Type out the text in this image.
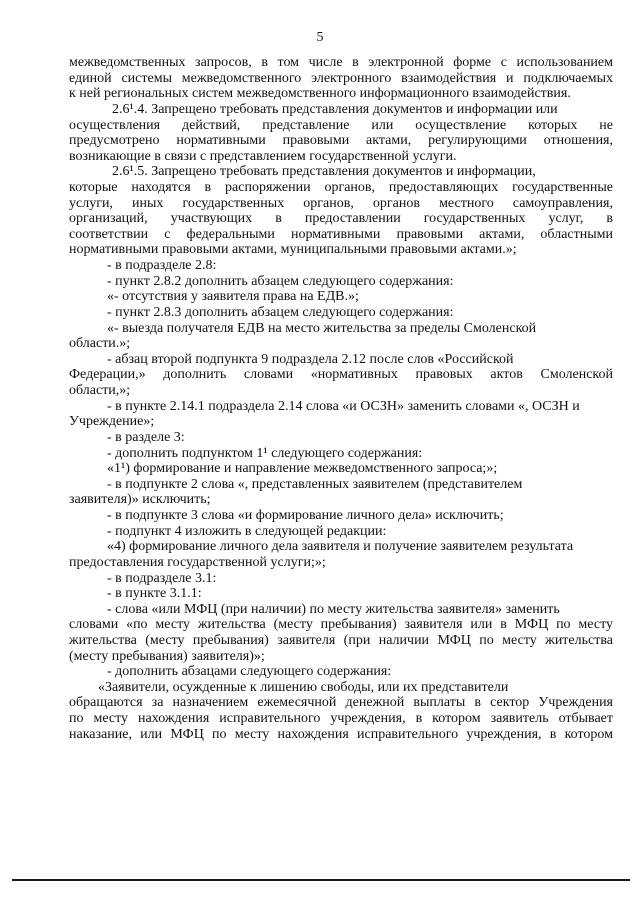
5
межведомственных запросов, в том числе в электронной форме с использованием
единой системы межведомственного электронного взаимодействия и подключаемых
к ней региональных систем межведомственного информационного взаимодействия.
2.6¹.4. Запрещено требовать представления документов и информации или
осуществления действий, представление или осуществление которых не
предусмотрено нормативными правовыми актами, регулирующими отношения,
возникающие в связи с представлением государственной услуги.
2.6¹.5. Запрещено требовать представления документов и информации,
которые находятся в распоряжении органов, предоставляющих государственные
услуги, иных государственных органов, органов местного самоуправления,
организаций, участвующих в предоставлении государственных услуг, в
соответствии с федеральными нормативными правовыми актами, областными
нормативными правовыми актами, муниципальными правовыми актами.»;
- в подразделе 2.8:
- пункт 2.8.2 дополнить абзацем следующего содержания:
«- отсутствия у заявителя права на ЕДВ.»;
- пункт 2.8.3 дополнить абзацем следующего содержания:
«- выезда получателя ЕДВ на место жительства за пределы Смоленской
области.»;
- абзац второй подпункта 9 подраздела 2.12 после слов «Российской
Федерации,» дополнить словами «нормативных правовых актов Смоленской
области,»;
- в пункте 2.14.1 подраздела 2.14 слова «и ОСЗН» заменить словами «, ОСЗН и
Учреждение»;
- в разделе 3:
- дополнить подпунктом 1¹ следующего содержания:
«1¹) формирование и направление межведомственного запроса;»;
- в подпункте 2 слова «, представленных заявителем (представителем
заявителя)» исключить;
- в подпункте 3 слова «и формирование личного дела» исключить;
- подпункт 4 изложить в следующей редакции:
«4) формирование личного дела заявителя и получение заявителем результата
предоставления государственной услуги;»;
- в подразделе 3.1:
- в пункте 3.1.1:
- слова «или МФЦ (при наличии) по месту жительства заявителя» заменить
словами «по месту жительства (месту пребывания) заявителя или в МФЦ по месту
жительства (месту пребывания) заявителя (при наличии МФЦ по месту жительства
(месту пребывания) заявителя)»;
- дополнить абзацами следующего содержания:
«Заявители, осужденные к лишению свободы, или их представители
обращаются за назначением ежемесячной денежной выплаты в сектор Учреждения
по месту нахождения исправительного учреждения, в котором заявитель отбывает
наказание, или МФЦ по месту нахождения исправительного учреждения, в котором
